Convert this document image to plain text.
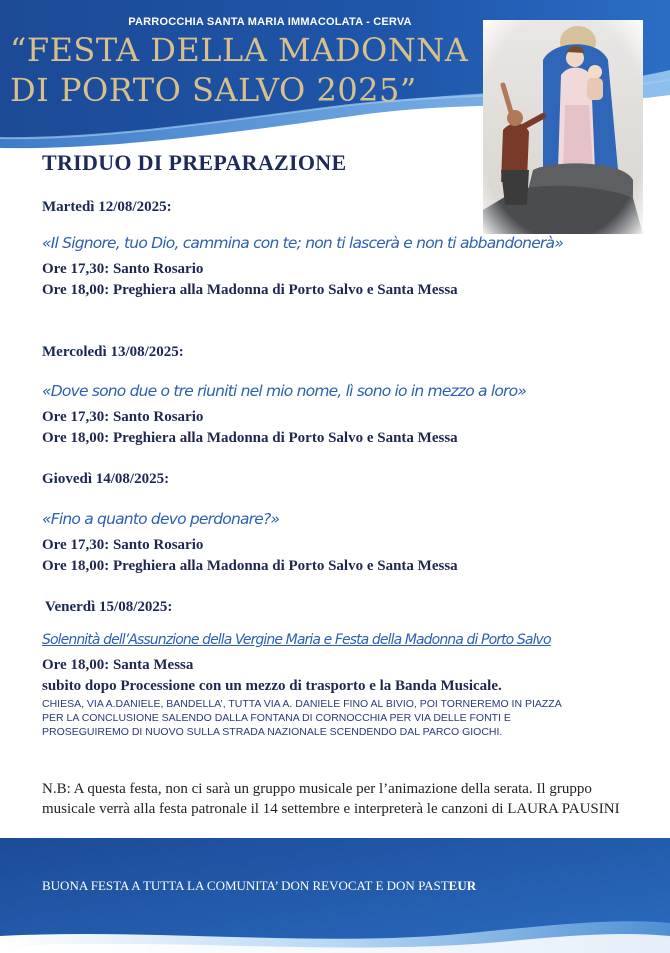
PARROCCHIA SANTA MARIA IMMACOLATA - CERVA
“FESTA DELLA MADONNA
DI PORTO SALVO 2025”
TRIDUO DI PREPARAZIONE
Martedì 12/08/2025:
«Il Signore, tuo Dio, cammina con te; non ti lascerà e non ti abbandonerà»
Ore 17,30: Santo Rosario
Ore 18,00: Preghiera alla Madonna di Porto Salvo e Santa Messa
Mercoledì 13/08/2025:
«Dove sono due o tre riuniti nel mio nome, lì sono io in mezzo a loro»
Ore 17,30: Santo Rosario
Ore 18,00: Preghiera alla Madonna di Porto Salvo e Santa Messa
Giovedì 14/08/2025:
«Fino a quanto devo perdonare?»
Ore 17,30: Santo Rosario
Ore 18,00: Preghiera alla Madonna di Porto Salvo e Santa Messa
Venerdì 15/08/2025:
Solennità dell’Assunzione della Vergine Maria e Festa della Madonna di Porto Salvo
Ore 18,00: Santa Messa
subito dopo Processione con un mezzo di trasporto e la Banda Musicale.
CHIESA, VIA A.DANIELE, BANDELLA’, TUTTA VIA A. DANIELE FINO AL BIVIO, POI TORNEREMO IN PIAZZA PER LA CONCLUSIONE SALENDO DALLA FONTANA DI CORNOCCHIA PER VIA DELLE FONTI E PROSEGUIREMO DI NUOVO SULLA STRADA NAZIONALE SCENDENDO DAL PARCO GIOCHI.
N.B: A questa festa, non ci sarà un gruppo musicale per l’animazione della serata. Il gruppo musicale verrà alla festa patronale il 14 settembre e interpreterà le canzoni di LAURA PAUSINI
BUONA FESTA A TUTTA LA COMUNITA’ DON REVOCAT E DON PASTEUR
